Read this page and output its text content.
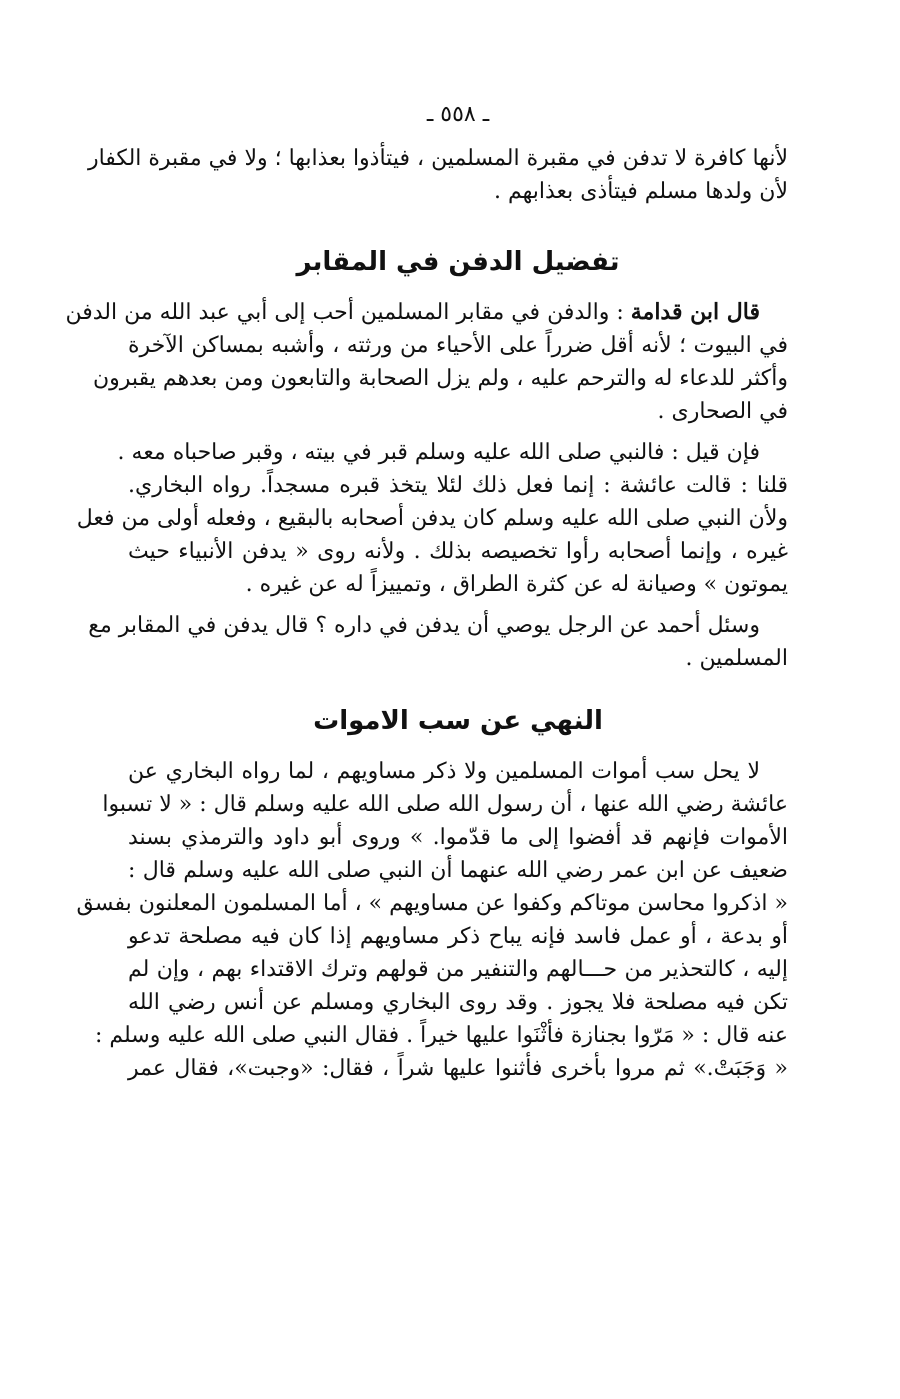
ـ ٥٥٨ ـ
لأنها كافرة لا تدفن في مقبرة المسلمين ، فيتأذوا بعذابها ؛ ولا في مقبرة الكفار
لأن ولدها مسلم فيتأذى بعذابهم .
تفضيل الدفن في المقابر
قال ابن قدامة : والدفن في مقابر المسلمين أحب إلى أبي عبد الله من الدفن
في البيوت ؛ لأنه أقل ضرراً على الأحياء من ورثته ، وأشبه بمساكن الآخرة
وأكثر للدعاء له والترحم عليه ، ولم يزل الصحابة والتابعون ومن بعدهم يقبرون
في الصحارى .
فإن قيل : فالنبي صلى الله عليه وسلم قبر في بيته ، وقبر صاحباه معه .
قلنا : قالت عائشة : إنما فعل ذلك لئلا يتخذ قبره مسجداً. رواه البخاري.
ولأن النبي صلى الله عليه وسلم كان يدفن أصحابه بالبقيع ، وفعله أولى من فعل
غيره ، وإنما أصحابه رأوا تخصيصه بذلك . ولأنه روى « يدفن الأنبياء حيث
يموتون » وصيانة له عن كثرة الطراق ، وتمييزاً له عن غيره .
وسئل أحمد عن الرجل يوصي أن يدفن في داره ؟ قال يدفن في المقابر مع
المسلمين .
النهي عن سب الاموات
لا يحل سب أموات المسلمين ولا ذكر مساويهم ، لما رواه البخاري عن
عائشة رضي الله عنها ، أن رسول الله صلى الله عليه وسلم قال : « لا تسبوا
الأموات فإنهم قد أفضوا إلى ما قدّموا. » وروى أبو داود والترمذي بسند
ضعيف عن ابن عمر رضي الله عنهما أن النبي صلى الله عليه وسلم قال :
« اذكروا محاسن موتاكم وكفوا عن مساويهم » ، أما المسلمون المعلنون بفسق
أو بدعة ، أو عمل فاسد فإنه يباح ذكر مساويهم إذا كان فيه مصلحة تدعو
إليه ، كالتحذير من حـــالهم والتنفير من قولهم وترك الاقتداء بهم ، وإن لم
تكن فيه مصلحة فلا يجوز . وقد روى البخاري ومسلم عن أنس رضي الله
عنه قال : « مَرّوا بجنازة فأثْنَوا عليها خيراً . فقال النبي صلى الله عليه وسلم :
« وَجَبَتْ.» ثم مروا بأخرى فأثنوا عليها شراً ، فقال: «وجبت»، فقال عمر
